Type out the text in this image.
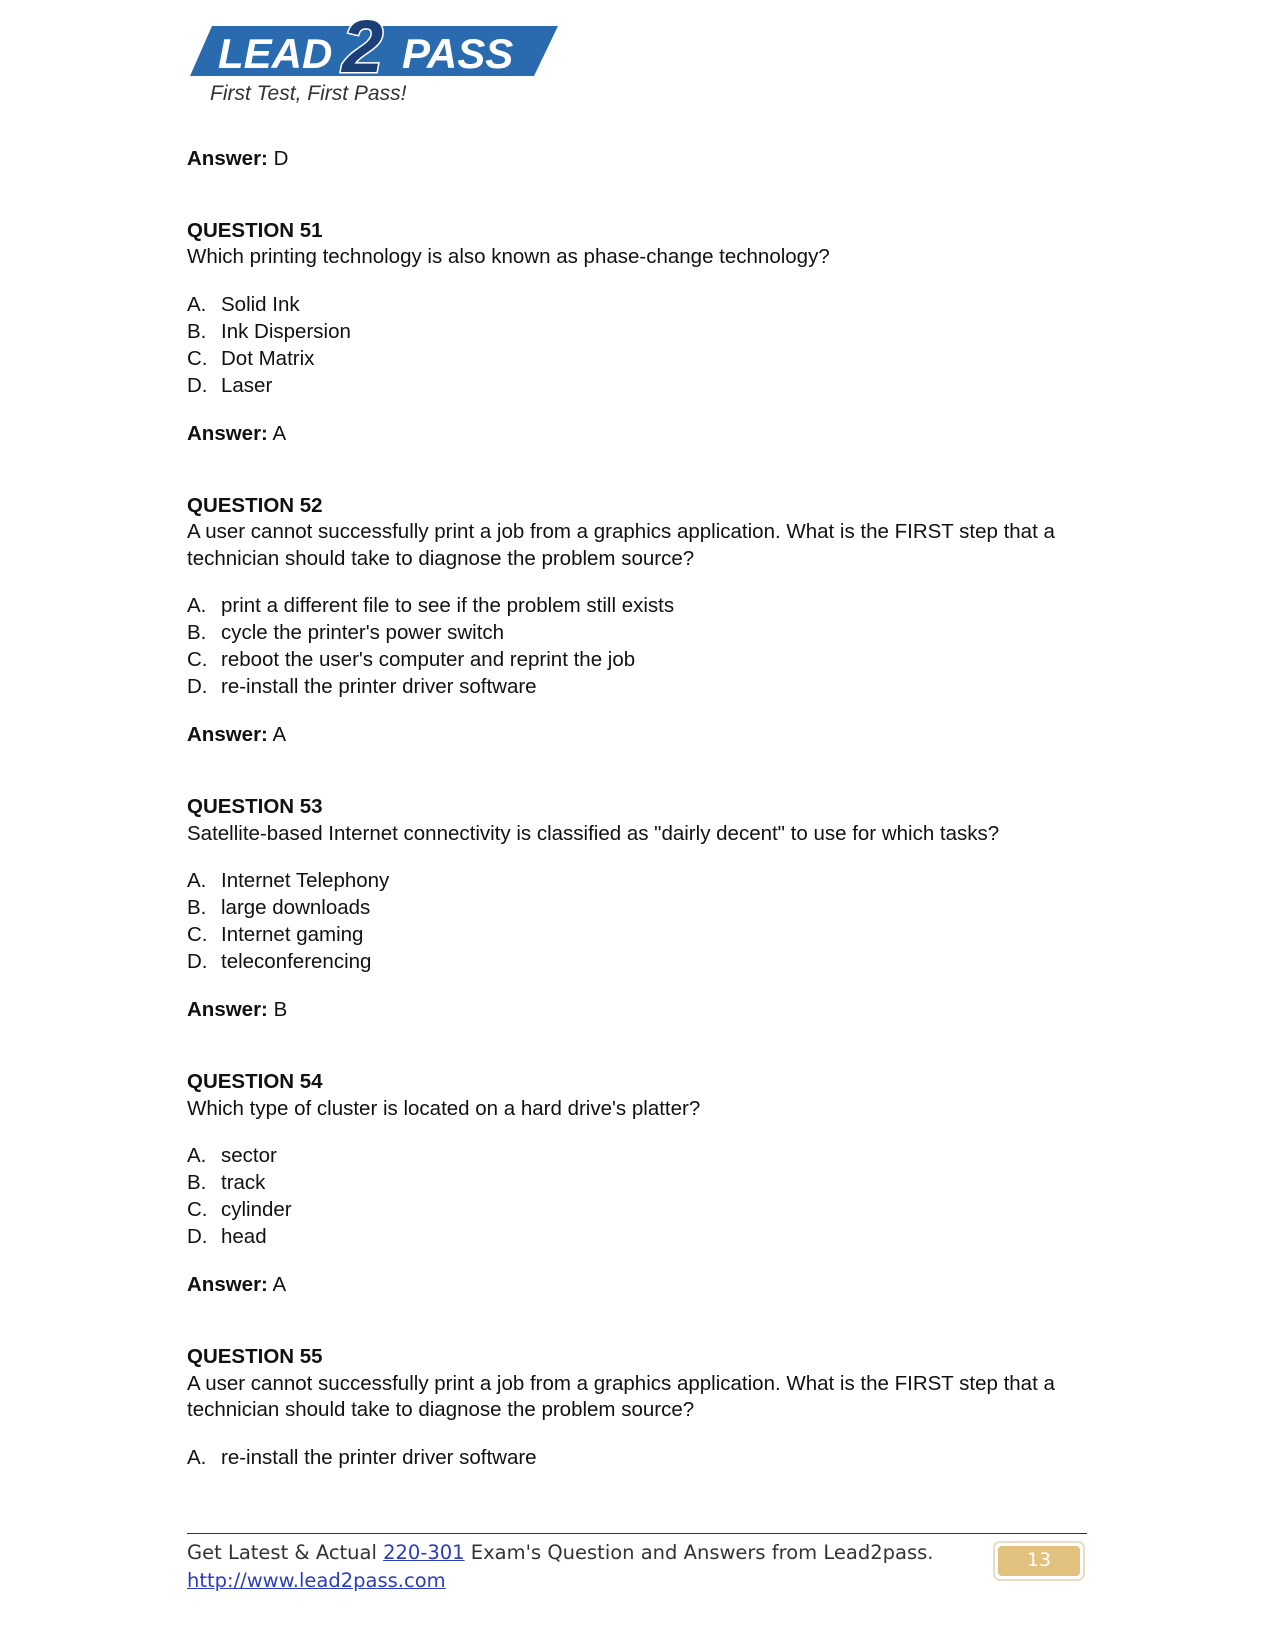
LEAD 2 PASS
First Test, First Pass!

Answer: D

QUESTION 51

Which printing technology is also known as phase-change technology?

A. Solid Ink
B. Ink Dispersion
C. Dot Matrix
D. Laser

Answer: A

QUESTION 52

A user cannot successfully print a job from a graphics application. What is the FIRST step that a
technician should take to diagnose the problem source?

A. print a different file to see if the problem still exists
B. cycle the printer's power switch
C. reboot the user's computer and reprint the job
D. re-install the printer driver software

Answer: A

QUESTION 53

Satellite-based Internet connectivity is classified as "dairly decent" to use for which tasks?

A. Internet Telephony
B. large downloads
C. Internet gaming
D. teleconferencing

Answer: B

QUESTION 54

Which type of cluster is located on a hard drive's platter?

A. sector
B. track
C. cylinder
D. head

Answer: A

QUESTION 55

A user cannot successfully print a job from a graphics application. What is the FIRST step that a
technician should take to diagnose the problem source?

A. re-install the printer driver software
Get Latest & Actual 220-301 Exam's Question and Answers from Lead2pass.
http://www.lead2pass.com
13
